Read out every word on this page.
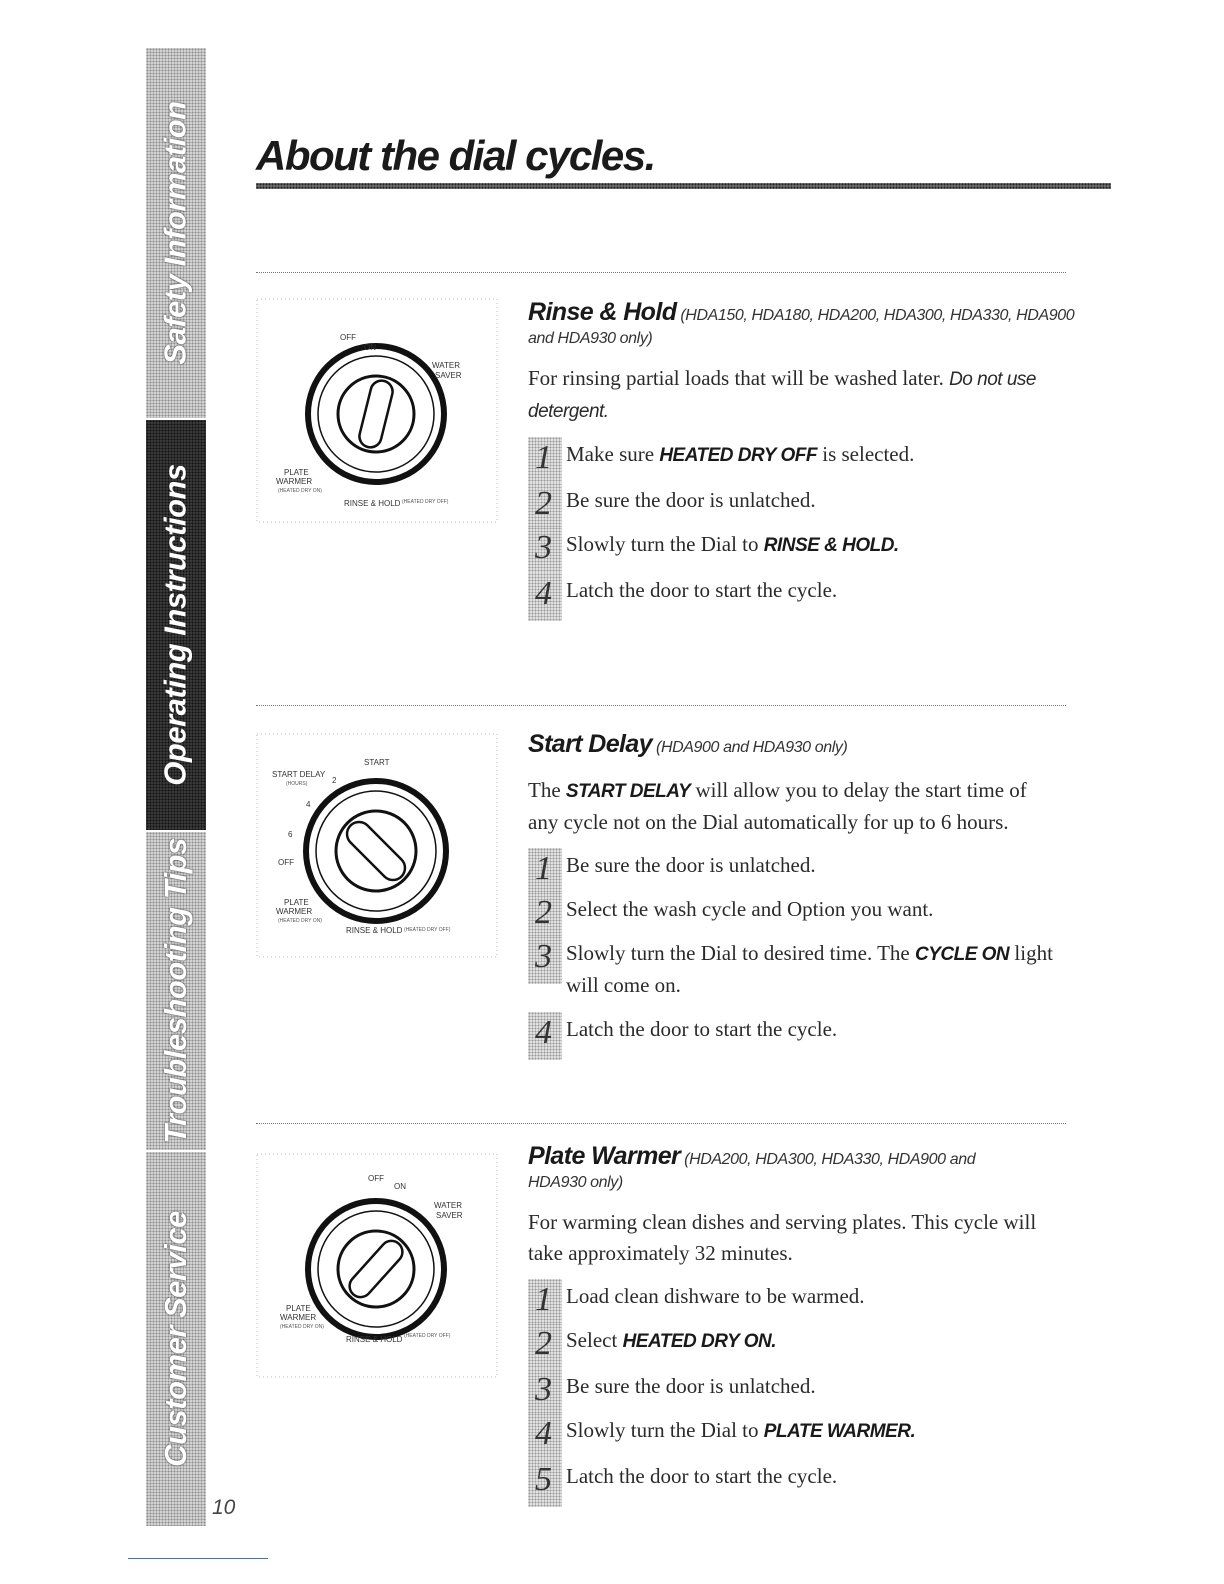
Safety Information
Operating Instructions
Troubleshooting Tips
Customer Service
10
About the dial cycles.
OFF
ON
WATER
SAVER
PLATE
WARMER
(HEATED DRY ON)
RINSE & HOLD (HEATED DRY OFF)
START DELAY
(HOURS)
START
2
4
6
OFF
PLATE
WARMER
(HEATED DRY ON)
RINSE & HOLD (HEATED DRY OFF)
OFF
ON
WATER
SAVER
PLATE
WARMER
(HEATED DRY ON)
RINSE & HOLD (HEATED DRY OFF)

Rinse & Hold (HDA150, HDA180, HDA200, HDA300, HDA330, HDA900 and HDA930 only)

For rinsing partial loads that will be washed later. Do not use detergent.

1 Make sure HEATED DRY OFF is selected.
2 Be sure the door is unlatched.
3 Slowly turn the Dial to RINSE & HOLD.
4 Latch the door to start the cycle.

Start Delay (HDA900 and HDA930 only)

The START DELAY will allow you to delay the start time of any cycle not on the Dial automatically for up to 6 hours.

1 Be sure the door is unlatched.
2 Select the wash cycle and Option you want.
3 Slowly turn the Dial to desired time. The CYCLE ON light will come on.
4 Latch the door to start the cycle.

Plate Warmer (HDA200, HDA300, HDA330, HDA900 and HDA930 only)

For warming clean dishes and serving plates. This cycle will take approximately 32 minutes.

1 Load clean dishware to be warmed.
2 Select HEATED DRY ON.
3 Be sure the door is unlatched.
4 Slowly turn the Dial to PLATE WARMER.
5 Latch the door to start the cycle.
